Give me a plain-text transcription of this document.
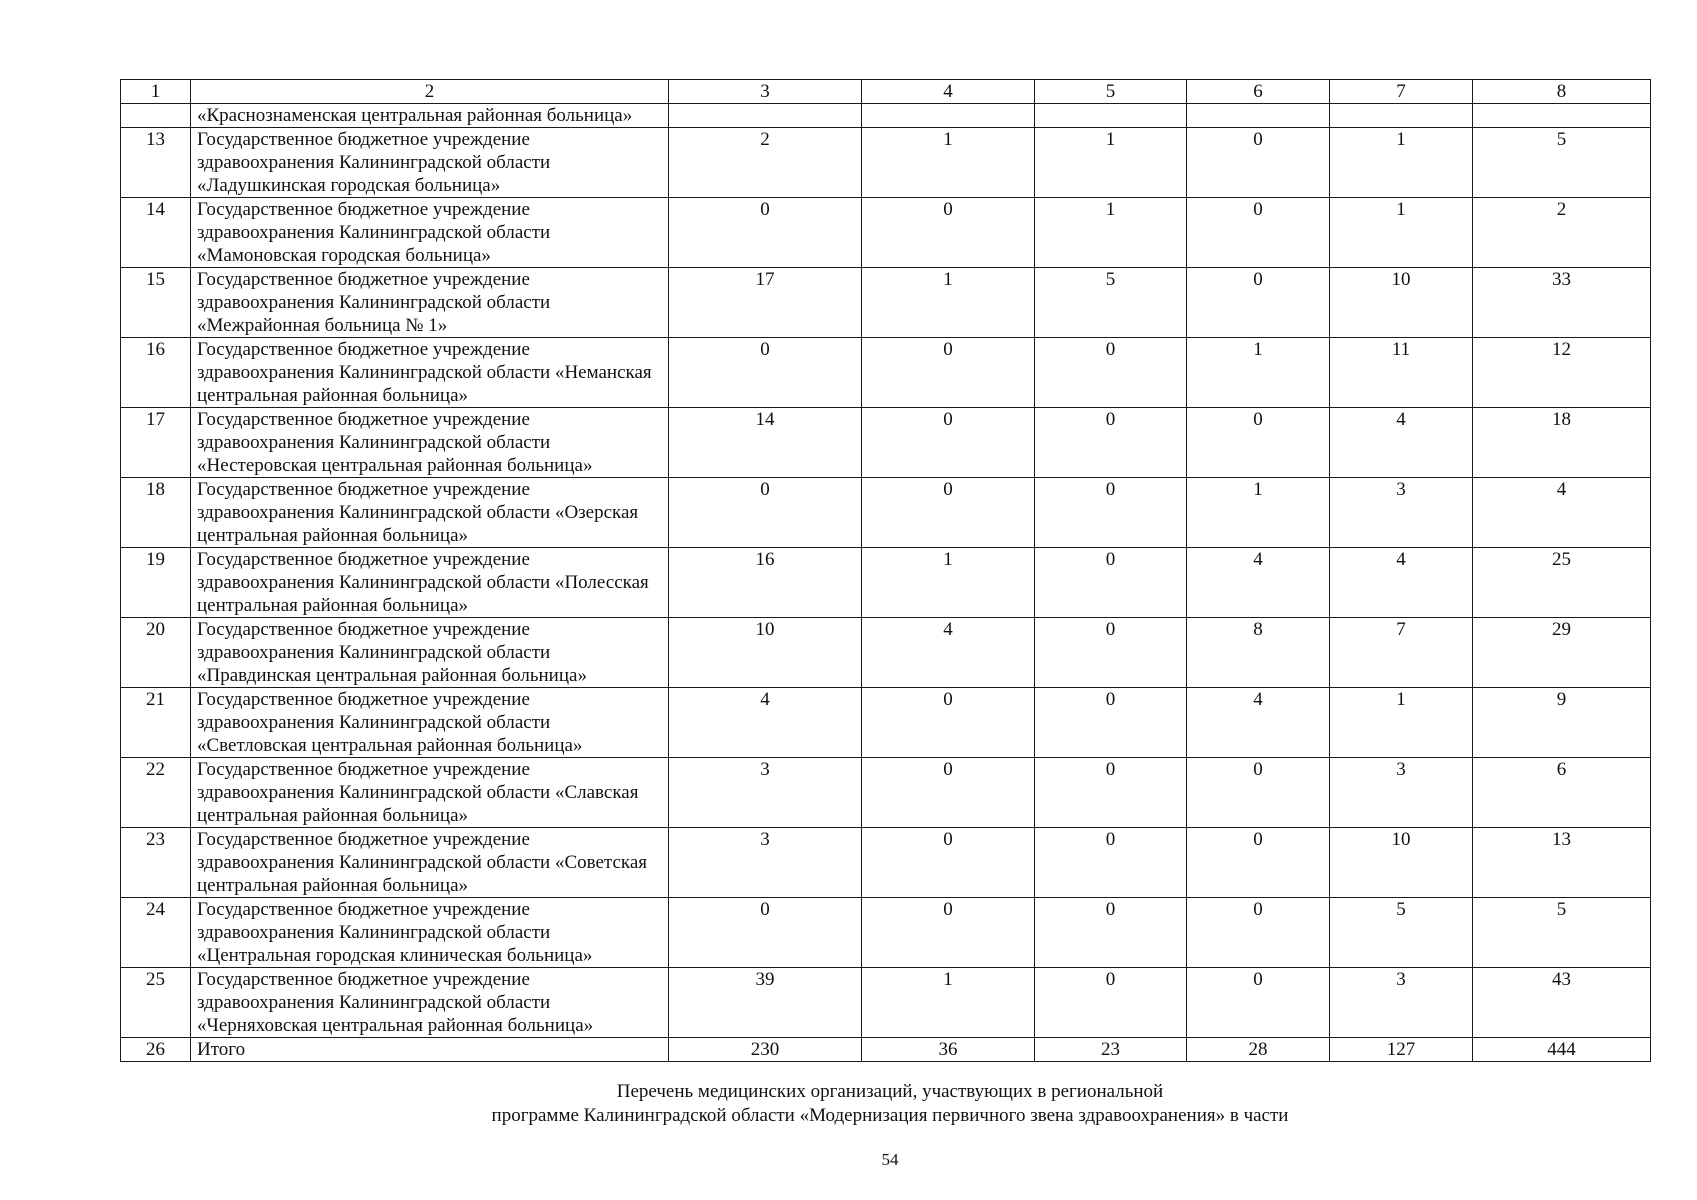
1	2	3	4	5	6	7	8
	«Краснознаменская центральная районная больница»						
13	Государственное бюджетное учреждение здравоохранения Калининградской области «Ладушкинская городская больница»	2	1	1	0	1	5
14	Государственное бюджетное учреждение здравоохранения Калининградской области «Мамоновская городская больница»	0	0	1	0	1	2
15	Государственное бюджетное учреждение здравоохранения Калининградской области «Межрайонная больница № 1»	17	1	5	0	10	33
16	Государственное бюджетное учреждение здравоохранения Калининградской области «Неманская центральная районная больница»	0	0	0	1	11	12
17	Государственное бюджетное учреждение здравоохранения Калининградской области «Нестеровская центральная районная больница»	14	0	0	0	4	18
18	Государственное бюджетное учреждение здравоохранения Калининградской области «Озерская центральная районная больница»	0	0	0	1	3	4
19	Государственное бюджетное учреждение здравоохранения Калининградской области «Полесская центральная районная больница»	16	1	0	4	4	25
20	Государственное бюджетное учреждение здравоохранения Калининградской области «Правдинская центральная районная больница»	10	4	0	8	7	29
21	Государственное бюджетное учреждение здравоохранения Калининградской области «Светловская центральная районная больница»	4	0	0	4	1	9
22	Государственное бюджетное учреждение здравоохранения Калининградской области «Славская центральная районная больница»	3	0	0	0	3	6
23	Государственное бюджетное учреждение здравоохранения Калининградской области «Советская центральная районная больница»	3	0	0	0	10	13
24	Государственное бюджетное учреждение здравоохранения Калининградской области «Центральная городская клиническая больница»	0	0	0	0	5	5
25	Государственное бюджетное учреждение здравоохранения Калининградской области «Черняховская центральная районная больница»	39	1	0	0	3	43
26	Итого	230	36	23	28	127	444
Перечень медицинских организаций, участвующих в региональной
программе Калининградской области «Модернизация первичного звена здравоохранения» в части
54
